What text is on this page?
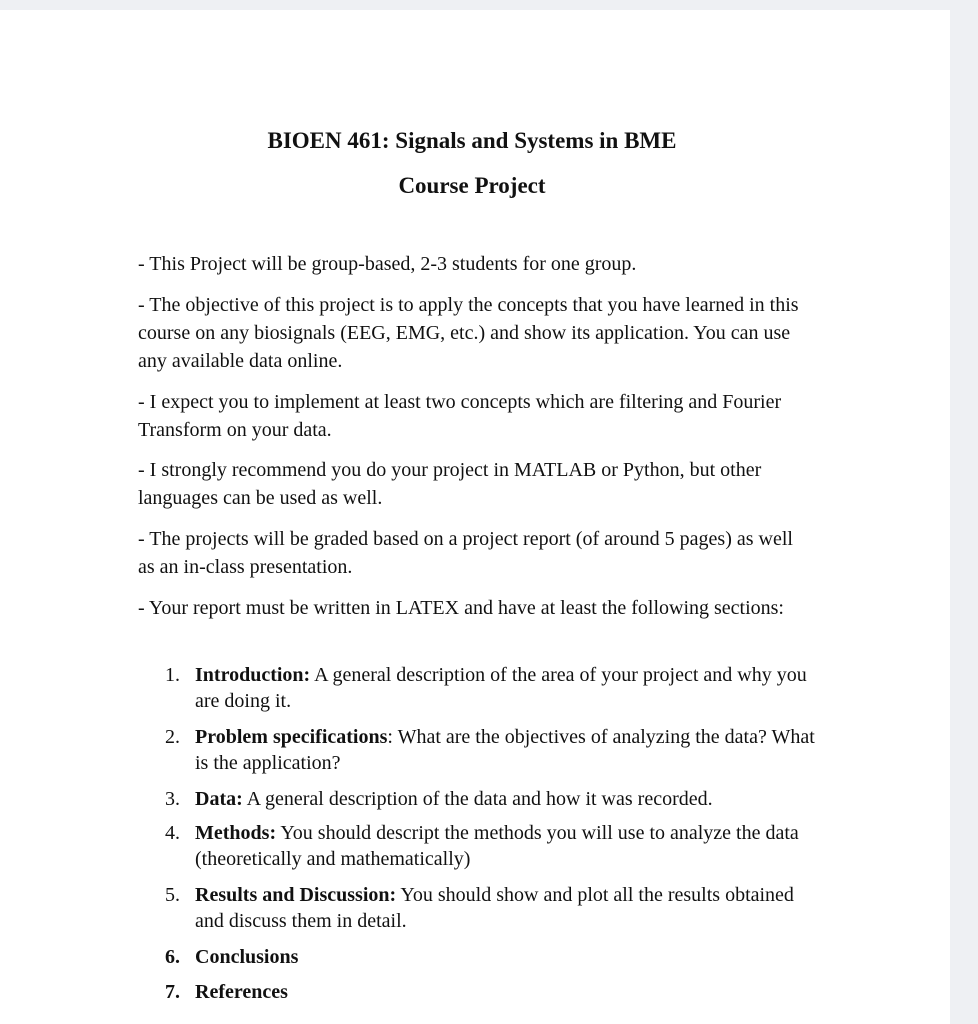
BIOEN 461: Signals and Systems in BME
Course Project

- This Project will be group-based, 2-3 students for one group.

- The objective of this project is to apply the concepts that you have learned in this course on any biosignals (EEG, EMG, etc.) and show its application. You can use any available data online.

- I expect you to implement at least two concepts which are filtering and Fourier Transform on your data.

- I strongly recommend you do your project in MATLAB or Python, but other languages can be used as well.

- The projects will be graded based on a project report (of around 5 pages) as well as an in-class presentation.

- Your report must be written in LATEX and have at least the following sections:

1. Introduction: A general description of the area of your project and why you are doing it.
2. Problem specifications: What are the objectives of analyzing the data? What is the application?
3. Data: A general description of the data and how it was recorded.
4. Methods: You should descript the methods you will use to analyze the data (theoretically and mathematically)
5. Results and Discussion: You should show and plot all the results obtained and discuss them in detail.
6. Conclusions
7. References
